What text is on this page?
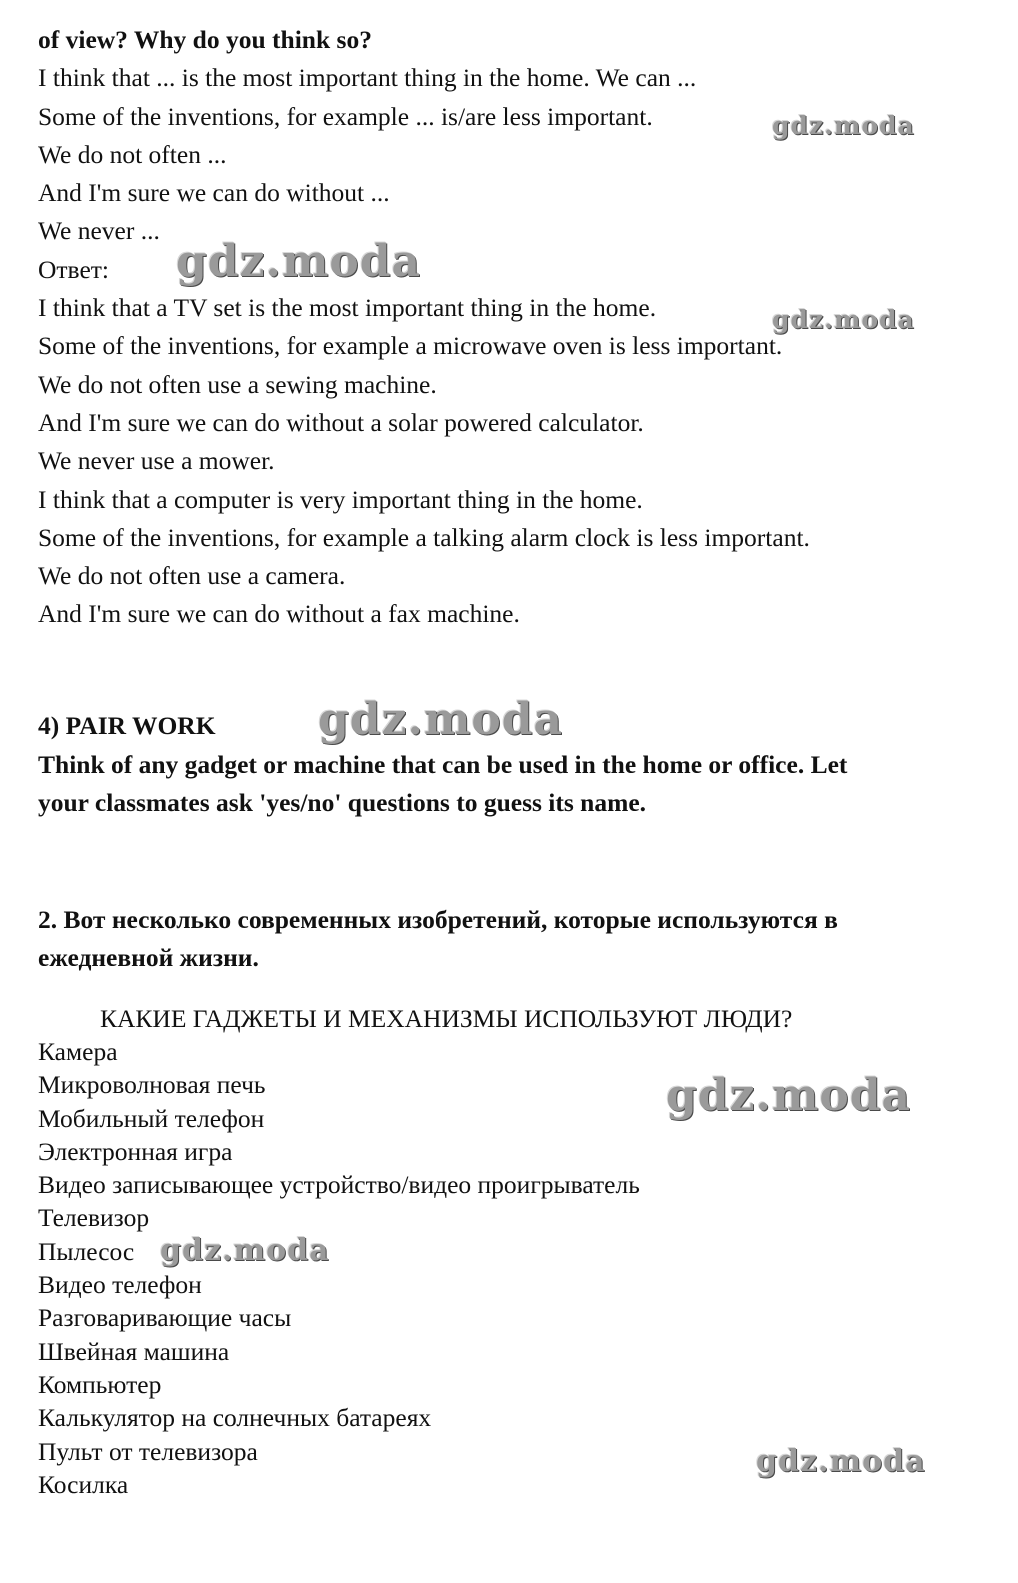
of view? Why do you think so?
I think that ... is the most important thing in the home. We can ...
Some of the inventions, for example ... is/are less important.
We do not often ...
And I'm sure we can do without ...
We never ...
Ответ:
I think that a TV set is the most important thing in the home.
Some of the inventions, for example a microwave oven is less important.
We do not often use a sewing machine.
And I'm sure we can do without a solar powered calculator.
We never use a mower.
I think that a computer is very important thing in the home.
Some of the inventions, for example a talking alarm clock is less important.
We do not often use a camera.
And I'm sure we can do without a fax machine.
4) PAIR WORK
Think of any gadget or machine that can be used in the home or office. Let
your classmates ask 'yes/no' questions to guess its name.
2. Вот несколько современных изобретений, которые используются в
ежедневной жизни.
КАКИЕ ГАДЖЕТЫ И МЕХАНИЗМЫ ИСПОЛЬЗУЮТ ЛЮДИ?
Камера
Микроволновая печь
Мобильный телефон
Электронная игра
Видео записывающее устройство/видео проигрыватель
Телевизор
Пылесос
Видео телефон
Разговаривающие часы
Швейная машина
Компьютер
Калькулятор на солнечных батареях
Пульт от телевизора
Косилка
gdz.moda
gdz.moda
gdz.moda
gdz.moda
gdz.moda
gdz.moda
gdz.moda
